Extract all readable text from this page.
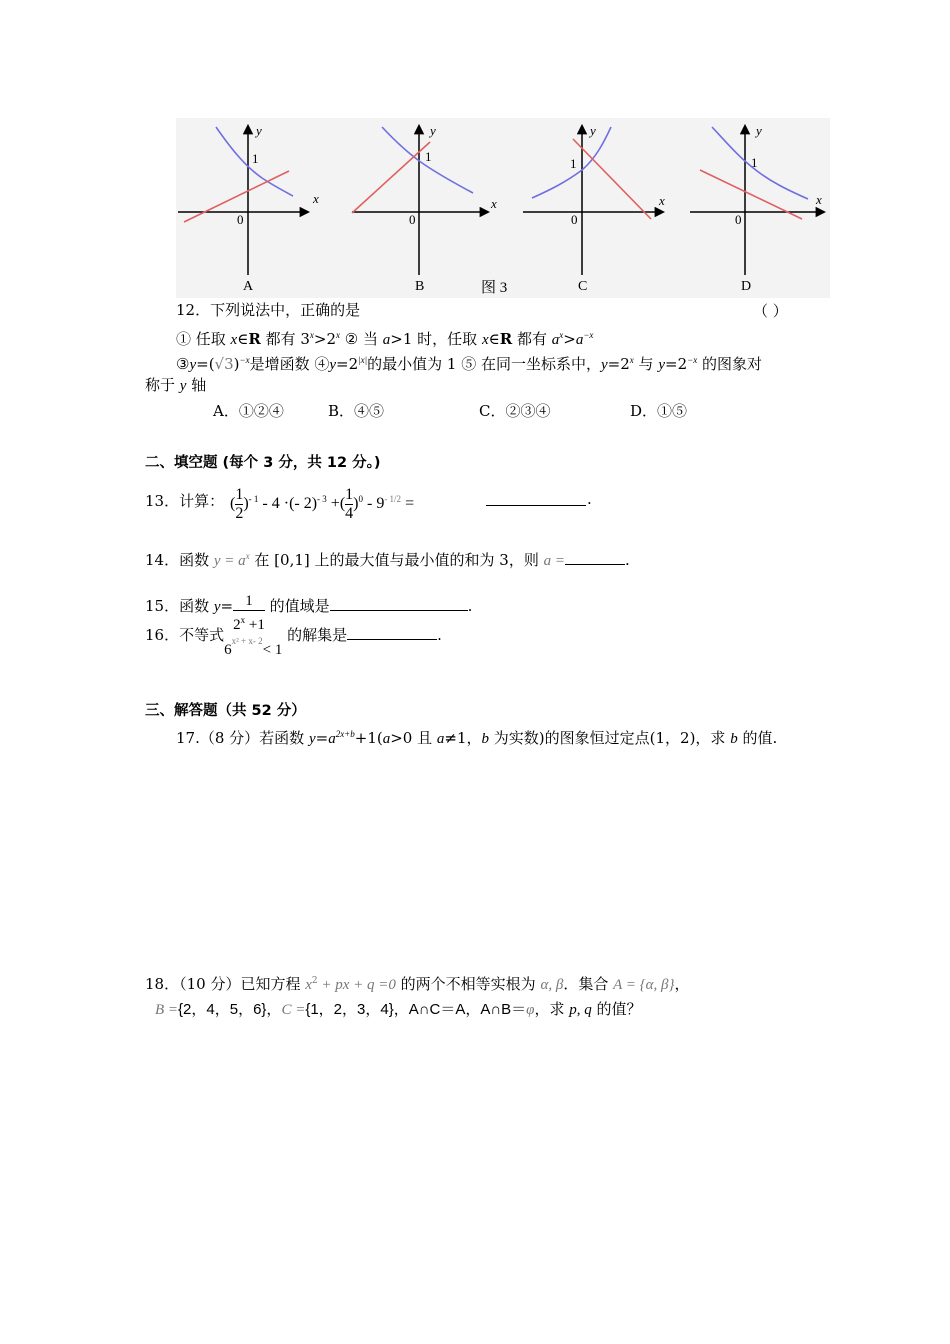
y
x
1
0
A
y
x
1
0
B	图 3
y
x
1
0
C
y
x
1
0
D
12．下列说法中，正确的是	（ ）
① 任取 x∈R 都有 $3^x>2^x$ ② 当 a>1 时，任取 x∈R 都有 $a^x>a^{-x}$
$③y=(√3)^{-x}$是增函数 $④y=2^{|x|}$的最小值为 1 ⑤ 在同一坐标系中，$y=2^x$ 与 $y=2^{-x}$ 的图象对
称于 y 轴
A．①②④	B．④⑤	C．②③④	D．①⑤
二、填空题 (每个 3 分，共 12 分。)
13．计算： ( $\frac{1}{2} )^{- 1} - 4$ ·(- 2)$^{- 3}$ +( $\frac{1}{4} )^0 - 9^{- 1/2}$ =	.
14．函数 $y = a^x$ 在 [0,1] 上的最大值与最小值的和为 3，则 a =	.
15．函数 $y= \frac{1}{2^x +1}$ 的值域是	.
16．不等式$6^{x^2 + x- 2}< 1$ 的解集是	.
三、解答题（共 52 分）
17.（8 分）若函数 $y=a^{2x+b}+1(a>0$ 且 a≠1，b 为实数)的图象恒过定点(1，2)，求 b 的值.
18．（10 分）已知方程 $x^2$ + px + q =0 的两个不相等实根为 α, β．集合 A = {α, β}，
B ={2，4，5，6}，C ={1，2，3，4}，A∩C＝A，A∩B＝φ，求 p, q 的值？
